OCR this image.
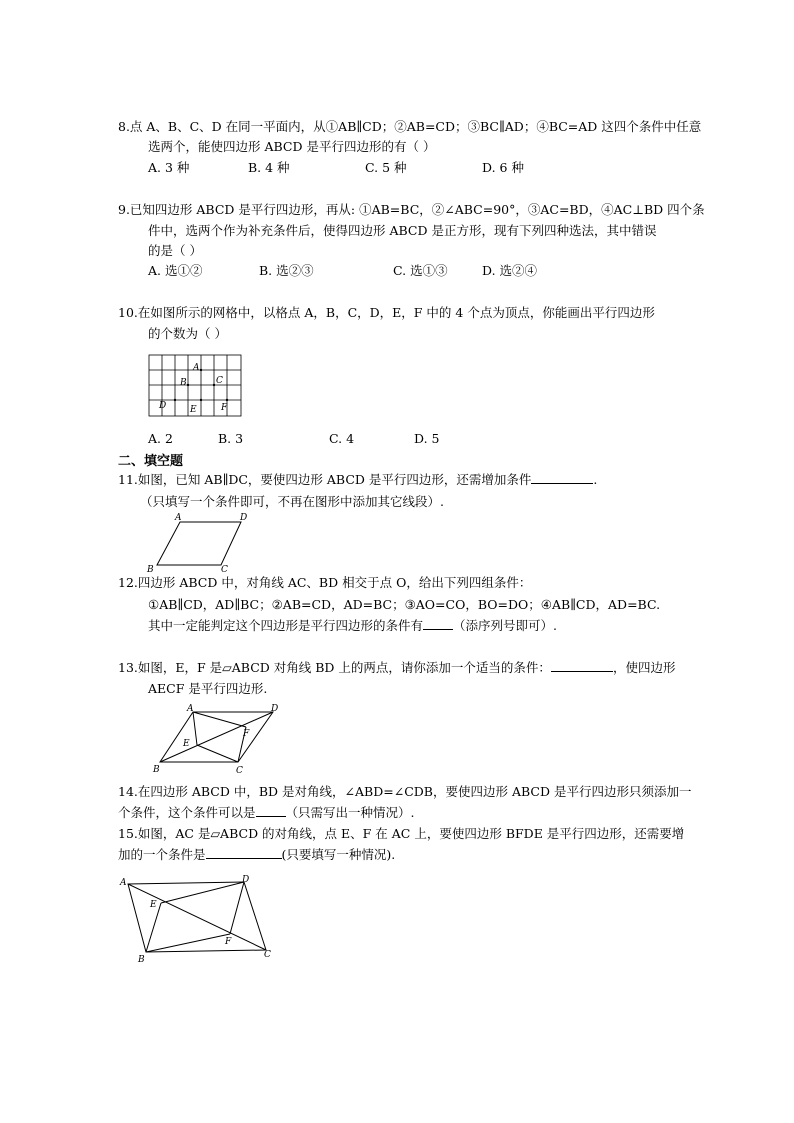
8.点 A、B、C、D 在同一平面内，从①AB∥CD；②AB=CD；③BC∥AD；④BC=AD 这四个条件中任意
选两个，能使四边形 ABCD 是平行四边形的有（ ）
A. 3 种	B. 4 种	C. 5 种	D. 6 种
9.已知四边形 ABCD 是平行四边形，再从: ①AB=BC，②∠ABC=90°，③AC=BD，④AC⊥BD 四个条
件中，选两个作为补充条件后，使得四边形 ABCD 是正方形，现有下列四种选法，其中错误
的是（ ）
A. 选①②	B. 选②③	C. 选①③	D. 选②④
10.在如图所示的网格中，以格点 A，B，C，D，E，F 中的 4 个点为顶点，你能画出平行四边形
的个数为（ ）
A
B	C
D	E	F
A. 2	B. 3	C. 4	D. 5
二、填空题
11.如图，已知 AB∥DC，要使四边形 ABCD 是平行四边形，还需增加条件	.
（只填写一个条件即可，不再在图形中添加其它线段）.
A	D
B	C
12.四边形 ABCD 中，对角线 AC、BD 相交于点 O，给出下列四组条件：
①AB∥CD，AD∥BC；②AB=CD，AD=BC；③AO=CO，BO=DO；④AB∥CD，AD=BC.
其中一定能判定这个四边形是平行四边形的条件有 （添序列号即可）.
13.如图，E，F 是▱ABCD 对角线 BD 上的两点，请你添加一个适当的条件：	，使四边形
AECF 是平行四边形.
A	D
E
F
B	C
14.在四边形 ABCD 中，BD 是对角线，∠ABD=∠CDB，要使四边形 ABCD 是平行四边形只须添加一
个条件，这个条件可以是 （只需写出一种情况）.
15.如图，AC 是▱ABCD 的对角线，点 E、F 在 AC 上，要使四边形 BFDE 是平行四边形，还需要增
加的一个条件是	(只要填写一种情况).
A	D
E
F
B	C
